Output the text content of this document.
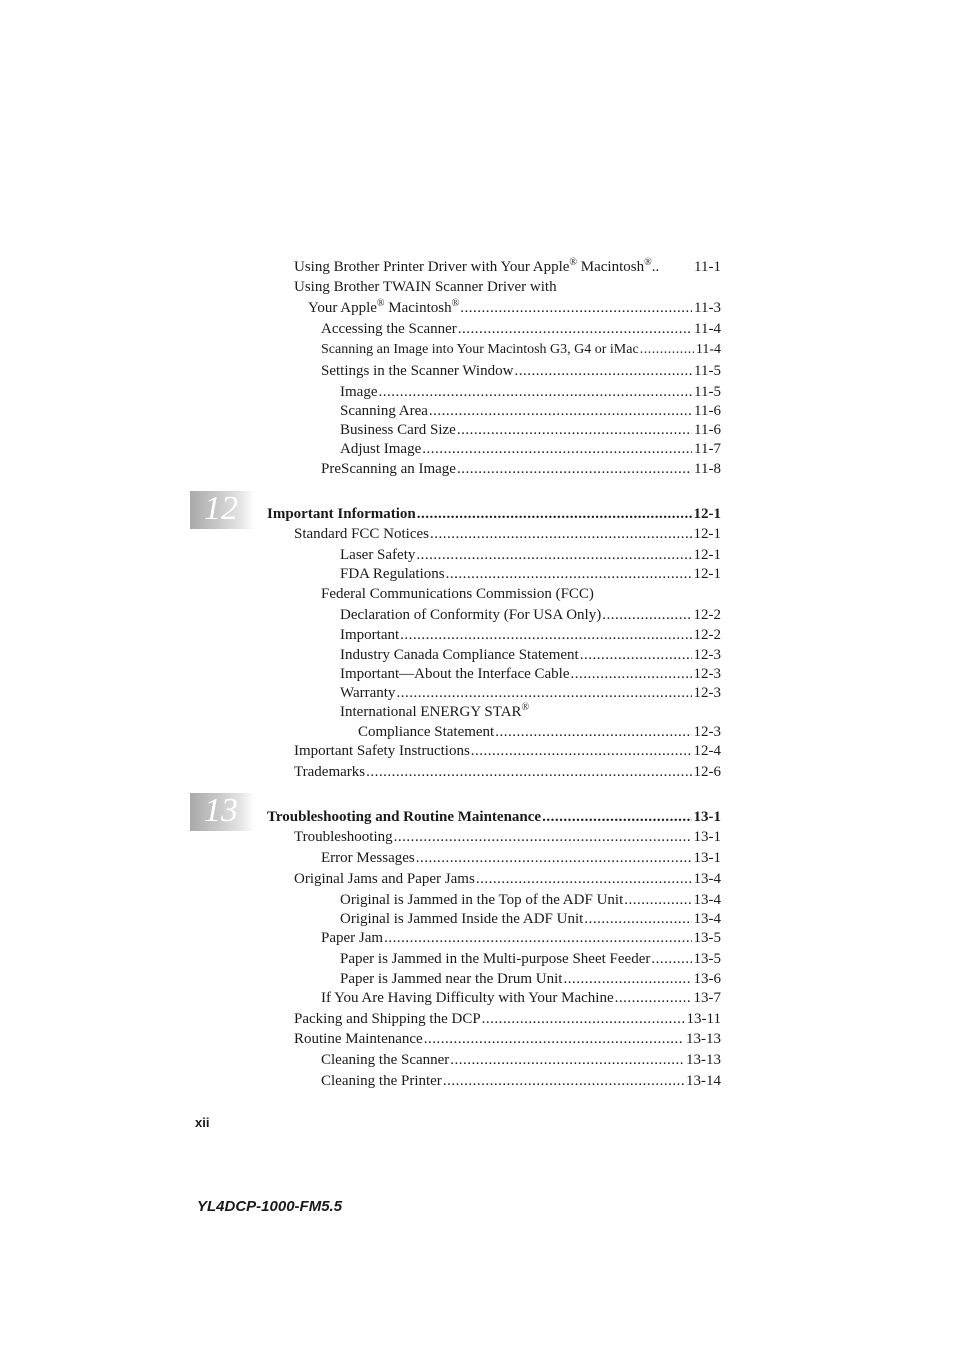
Using Brother Printer Driver with Your Apple® Macintosh®.. 11-1
Using Brother TWAIN Scanner Driver with
Your Apple® Macintosh® .....	11-3
Accessing the Scanner .....	11-4
Scanning an Image into Your Macintosh G3, G4 or iMac .....	11-4
Settings in the Scanner Window .....	11-5
Image .....	11-5
Scanning Area .....	11-6
Business Card Size .....	11-6
Adjust Image .....	11-7
PreScanning an Image .....	11-8
12 Important Information .....	12-1
Standard FCC Notices .....	12-1
Laser Safety .....	12-1
FDA Regulations .....	12-1
Federal Communications Commission (FCC)
Declaration of Conformity (For USA Only) .....	12-2
Important .....	12-2
Industry Canada Compliance Statement .....	12-3
Important—About the Interface Cable .....	12-3
Warranty .....	12-3
International ENERGY STAR®
Compliance Statement .....	12-3
Important Safety Instructions .....	12-4
Trademarks .....	12-6
13 Troubleshooting and Routine Maintenance .....	13-1
Troubleshooting .....	13-1
Error Messages .....	13-1
Original Jams and Paper Jams .....	13-4
Original is Jammed in the Top of the ADF Unit .....	13-4
Original is Jammed Inside the ADF Unit .....	13-4
Paper Jam .....	13-5
Paper is Jammed in the Multi-purpose Sheet Feeder .....	13-5
Paper is Jammed near the Drum Unit .....	13-6
If You Are Having Difficulty with Your Machine .....	13-7
Packing and Shipping the DCP .....	13-11
Routine Maintenance .....	13-13
Cleaning the Scanner .....	13-13
Cleaning the Printer .....	13-14
xii
YL4DCP-1000-FM5.5
